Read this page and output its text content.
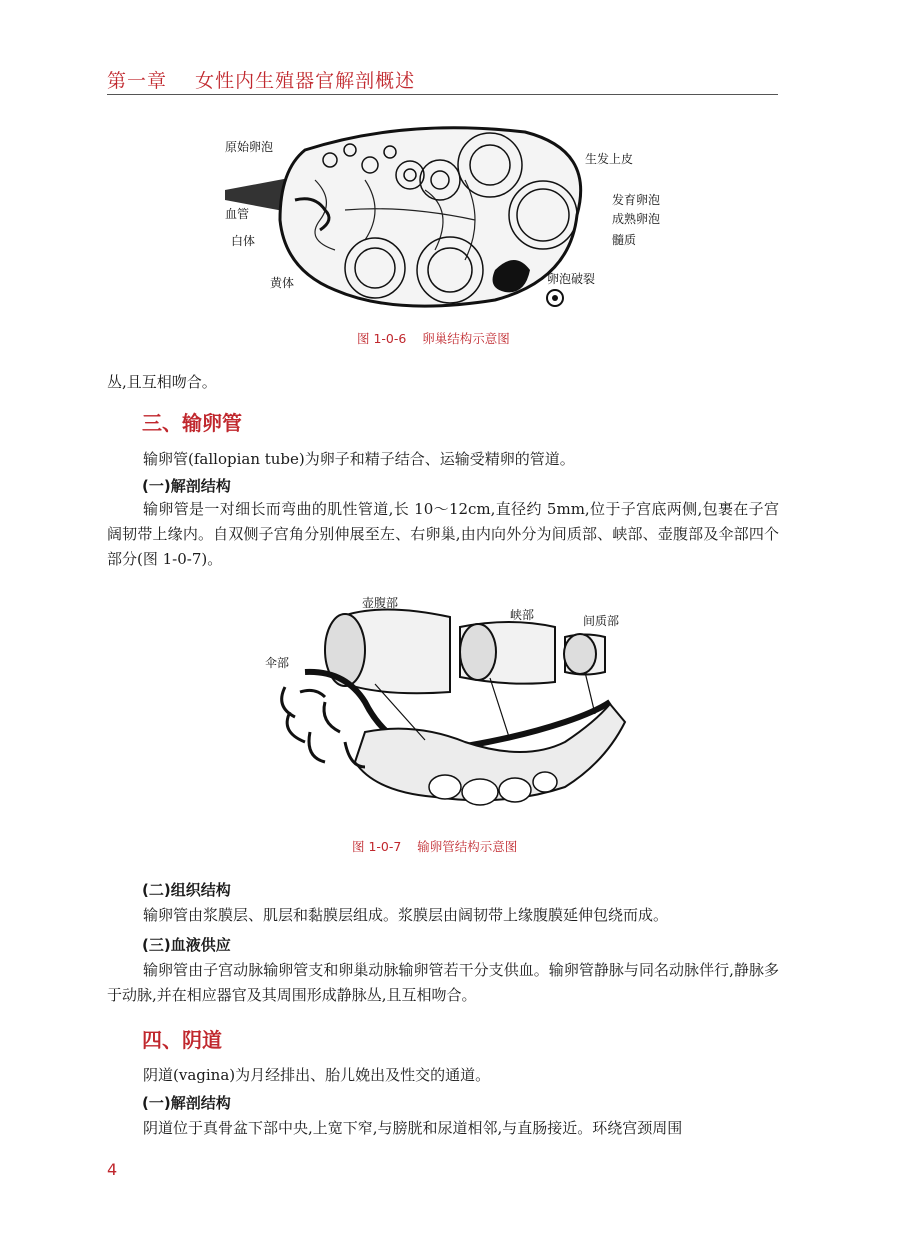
第一章    女性内生殖器官解剖概述
原始卵泡
生发上皮
发育卵泡
成熟卵泡
血管
髓质
白体
黄体	卵泡破裂
图 1-0-6    卵巢结构示意图

丛,且互相吻合。

三、输卵管

输卵管(fallopian tube)为卵子和精子结合、运输受精卵的管道。

(一)解剖结构

输卵管是一对细长而弯曲的肌性管道,长 10～12cm,直径约 5mm,位于子宫底两侧,包裹在子宫阔韧带上缘内。自双侧子宫角分别伸展至左、右卵巢,由内向外分为间质部、峡部、壶腹部及伞部四个部分(图 1-0-7)。

壶腹部
峡部	间质部
伞部
图 1-0-7    输卵管结构示意图
(二)组织结构

输卵管由浆膜层、肌层和黏膜层组成。浆膜层由阔韧带上缘腹膜延伸包绕而成。

(三)血液供应

输卵管由子宫动脉输卵管支和卵巢动脉输卵管若干分支供血。输卵管静脉与同名动脉伴行,静脉多于动脉,并在相应器官及其周围形成静脉丛,且互相吻合。

四、阴道

阴道(vagina)为月经排出、胎儿娩出及性交的通道。

(一)解剖结构

阴道位于真骨盆下部中央,上宽下窄,与膀胱和尿道相邻,与直肠接近。环绕宫颈周围

4
